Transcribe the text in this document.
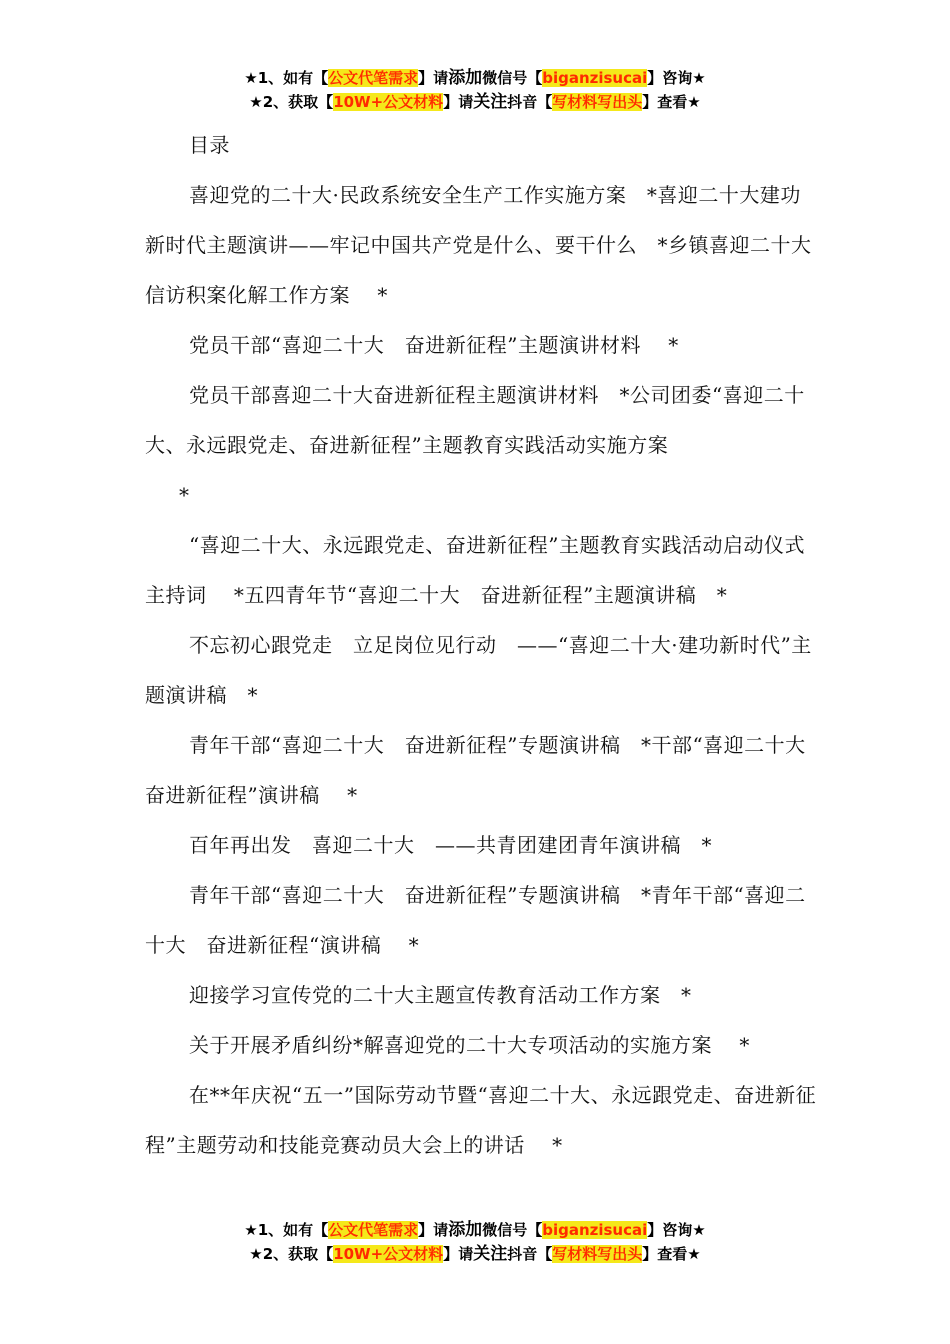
★1、如有【公文代笔需求】请添加微信号【biganzisucai】咨询★
★2、获取【10W+公文材料】请关注抖音【写材料写出头】查看★

目录

喜迎党的二十大·民政系统安全生产工作实施方案　*喜迎二十大建功新时代主题演讲——牢记中国共产党是什么、要干什么　*乡镇喜迎二十大信访积案化解工作方案　 *

党员干部“喜迎二十大　奋进新征程”主题演讲材料　 *

党员干部喜迎二十大奋进新征程主题演讲材料　*公司团委“喜迎二十大、永远跟党走、奋进新征程”主题教育实践活动实施方案

*

“喜迎二十大、永远跟党走、奋进新征程”主题教育实践活动启动仪式主持词　 *五四青年节“喜迎二十大　奋进新征程”主题演讲稿　*

不忘初心跟党走　立足岗位见行动　——“喜迎二十大·建功新时代”主题演讲稿　*

青年干部“喜迎二十大　奋进新征程”专题演讲稿　*干部“喜迎二十大　奋进新征程”演讲稿　 *

百年再出发　喜迎二十大　——共青团建团青年演讲稿　*

青年干部“喜迎二十大　奋进新征程”专题演讲稿　*青年干部“喜迎二十大　奋进新征程“演讲稿　 *

迎接学习宣传党的二十大主题宣传教育活动工作方案　*

关于开展矛盾纠纷*解喜迎党的二十大专项活动的实施方案　 *

在**年庆祝“五一”国际劳动节暨“喜迎二十大、永远跟党走、奋进新征程”主题劳动和技能竞赛动员大会上的讲话　 *

★1、如有【公文代笔需求】请添加微信号【biganzisucai】咨询★
★2、获取【10W+公文材料】请关注抖音【写材料写出头】查看★
